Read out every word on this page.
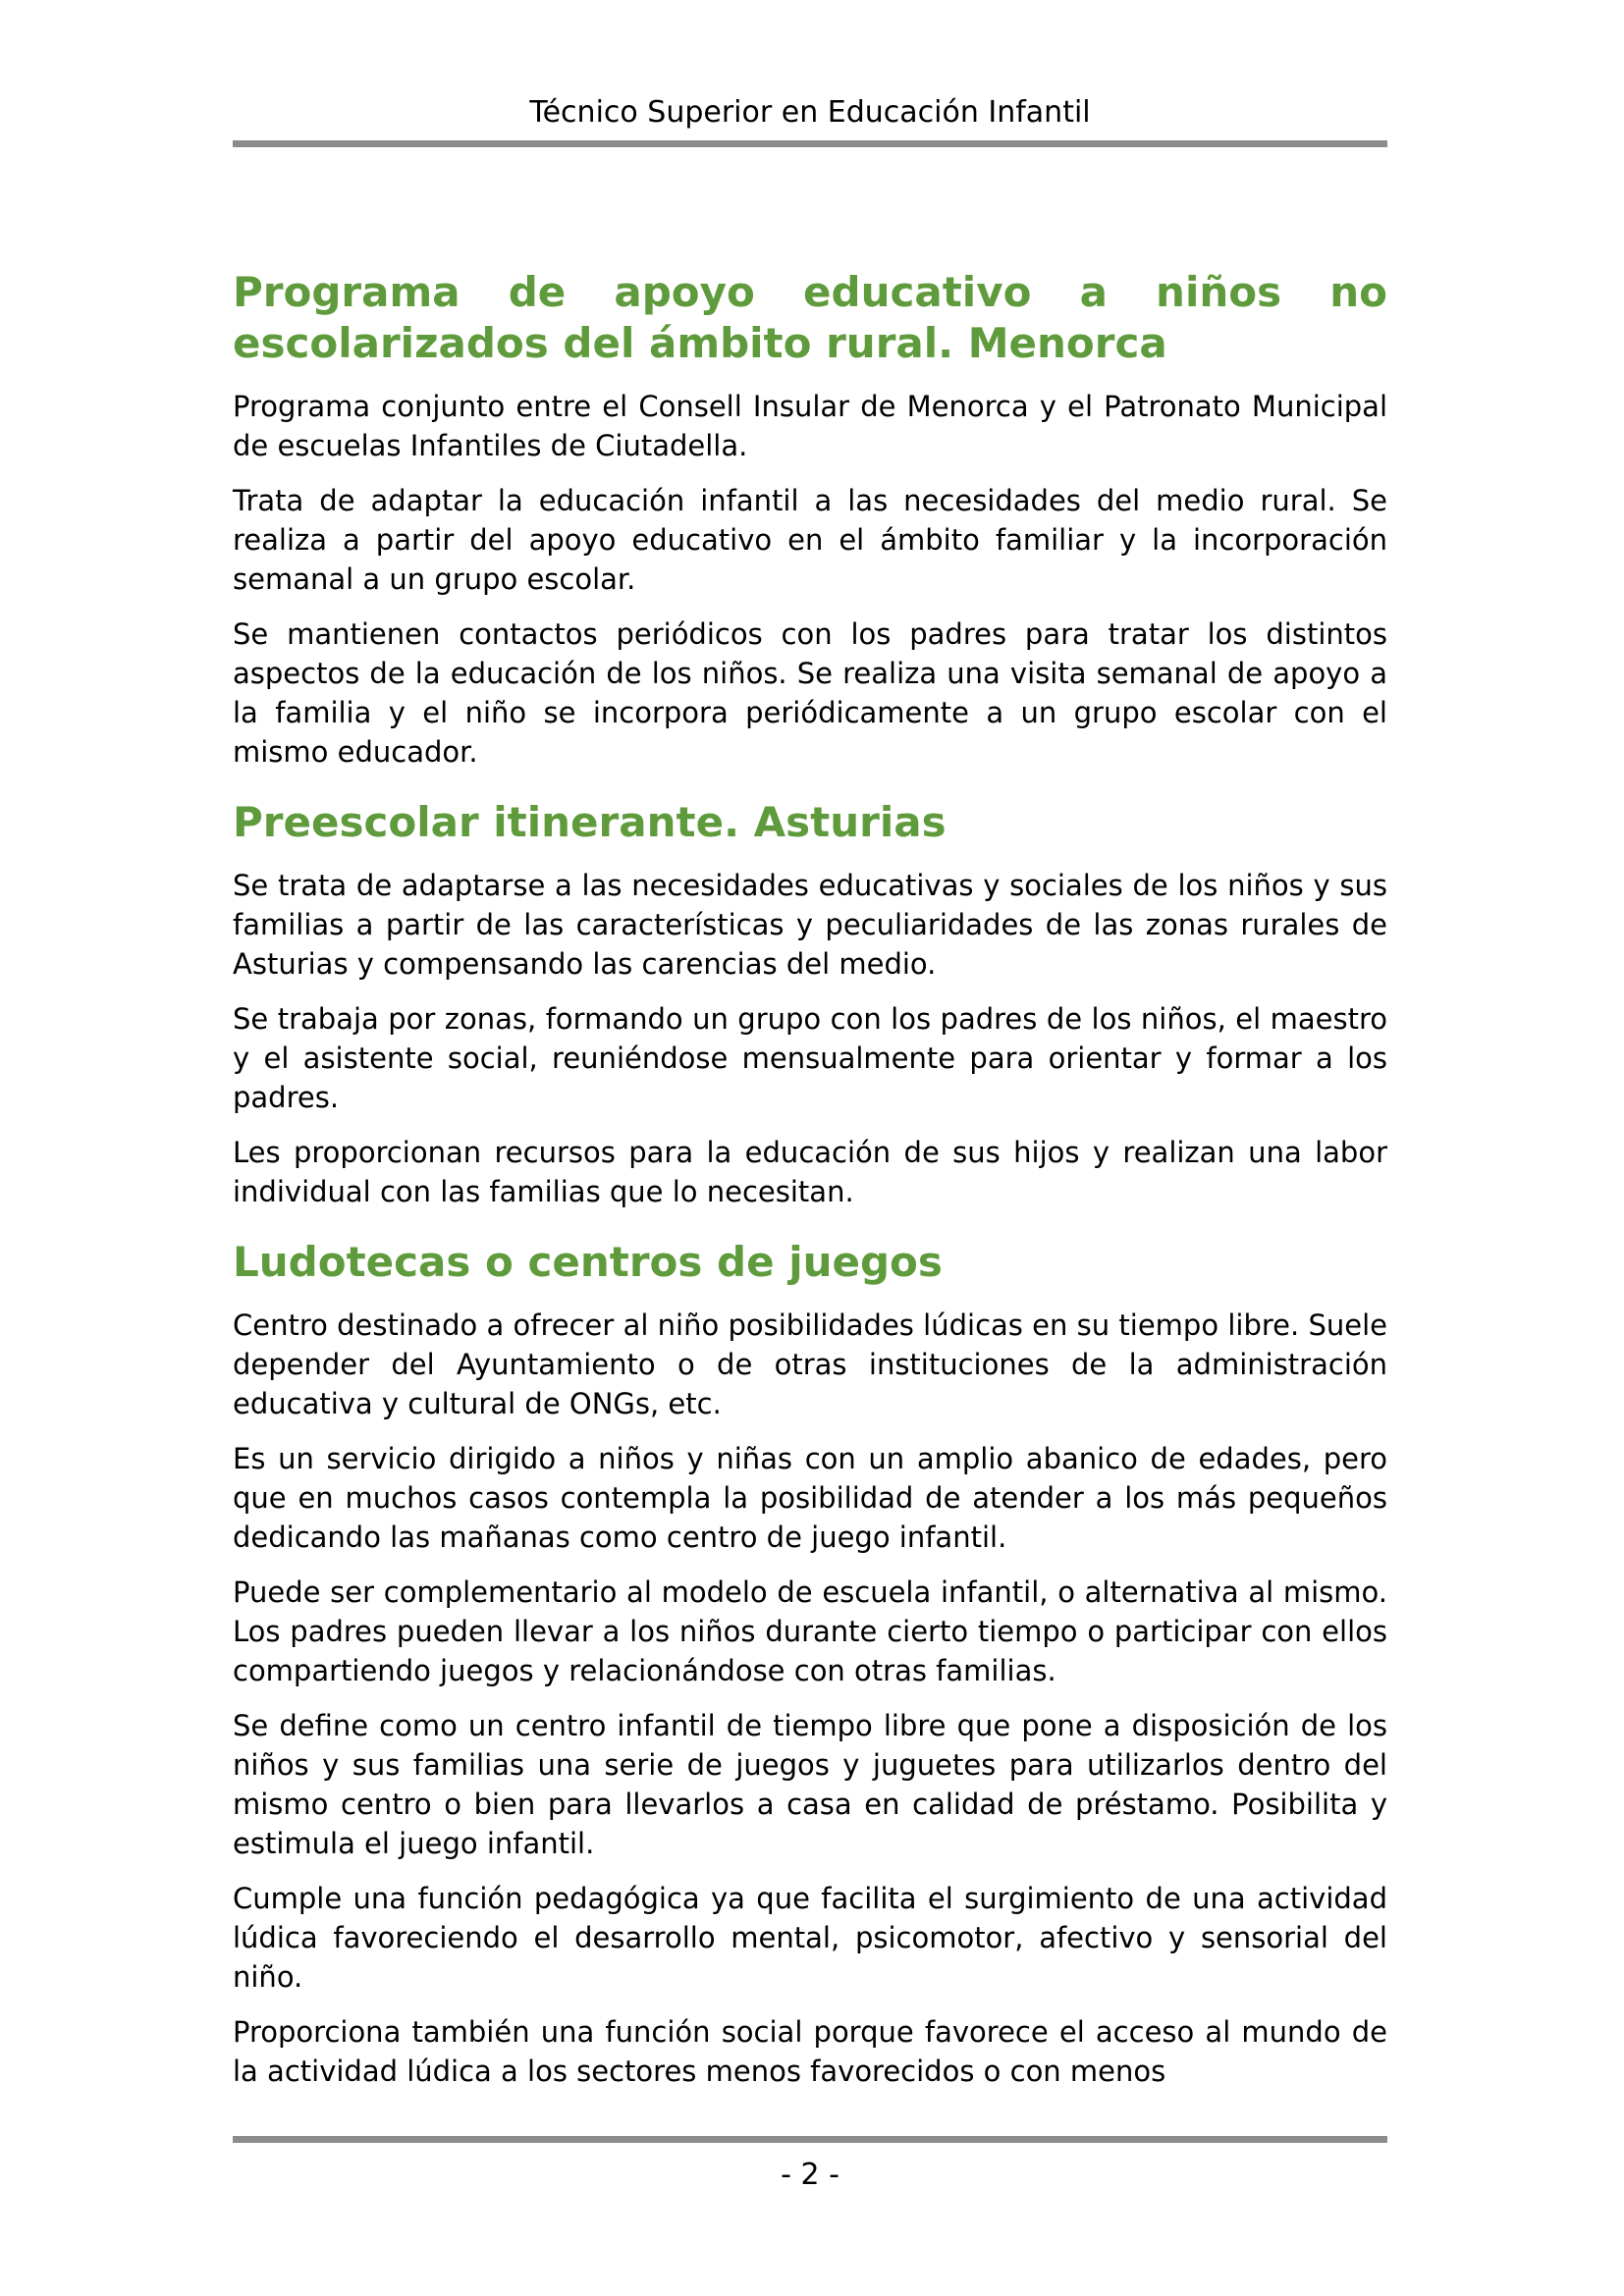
Técnico Superior en Educación Infantil
Programa de apoyo educativo a niños no escolarizados del ámbito rural. Menorca

Programa conjunto entre el Consell Insular de Menorca y el Patronato Municipal de escuelas Infantiles de Ciutadella.

Trata de adaptar la educación infantil a las necesidades del medio rural. Se realiza a partir del apoyo educativo en el ámbito familiar y la incorporación semanal a un grupo escolar.

Se mantienen contactos periódicos con los padres para tratar los distintos aspectos de la educación de los niños. Se realiza una visita semanal de apoyo a la familia y el niño se incorpora periódicamente a un grupo escolar con el mismo educador.

Preescolar itinerante. Asturias

Se trata de adaptarse a las necesidades educativas y sociales de los niños y sus familias a partir de las características y peculiaridades de las zonas rurales de Asturias y compensando las carencias del medio.

Se trabaja por zonas, formando un grupo con los padres de los niños, el maestro y el asistente social, reuniéndose mensualmente para orientar y formar a los padres.

Les proporcionan recursos para la educación de sus hijos y realizan una labor individual con las familias que lo necesitan.

Ludotecas o centros de juegos

Centro destinado a ofrecer al niño posibilidades lúdicas en su tiempo libre. Suele depender del Ayuntamiento o de otras instituciones de la administración educativa y cultural de ONGs, etc.

Es un servicio dirigido a niños y niñas con un amplio abanico de edades, pero que en muchos casos contempla la posibilidad de atender a los más pequeños dedicando las mañanas como centro de juego infantil.

Puede ser complementario al modelo de escuela infantil, o alternativa al mismo. Los padres pueden llevar a los niños durante cierto tiempo o participar con ellos compartiendo juegos y relacionándose con otras familias.

Se define como un centro infantil de tiempo libre que pone a disposición de los niños y sus familias una serie de juegos y juguetes para utilizarlos dentro del mismo centro o bien para llevarlos a casa en calidad de préstamo. Posibilita y estimula el juego infantil.

Cumple una función pedagógica ya que facilita el surgimiento de una actividad lúdica favoreciendo el desarrollo mental, psicomotor, afectivo y sensorial del niño.

Proporciona también una función social porque favorece el acceso al mundo de la actividad lúdica a los sectores menos favorecidos o con menos

- 2 -
